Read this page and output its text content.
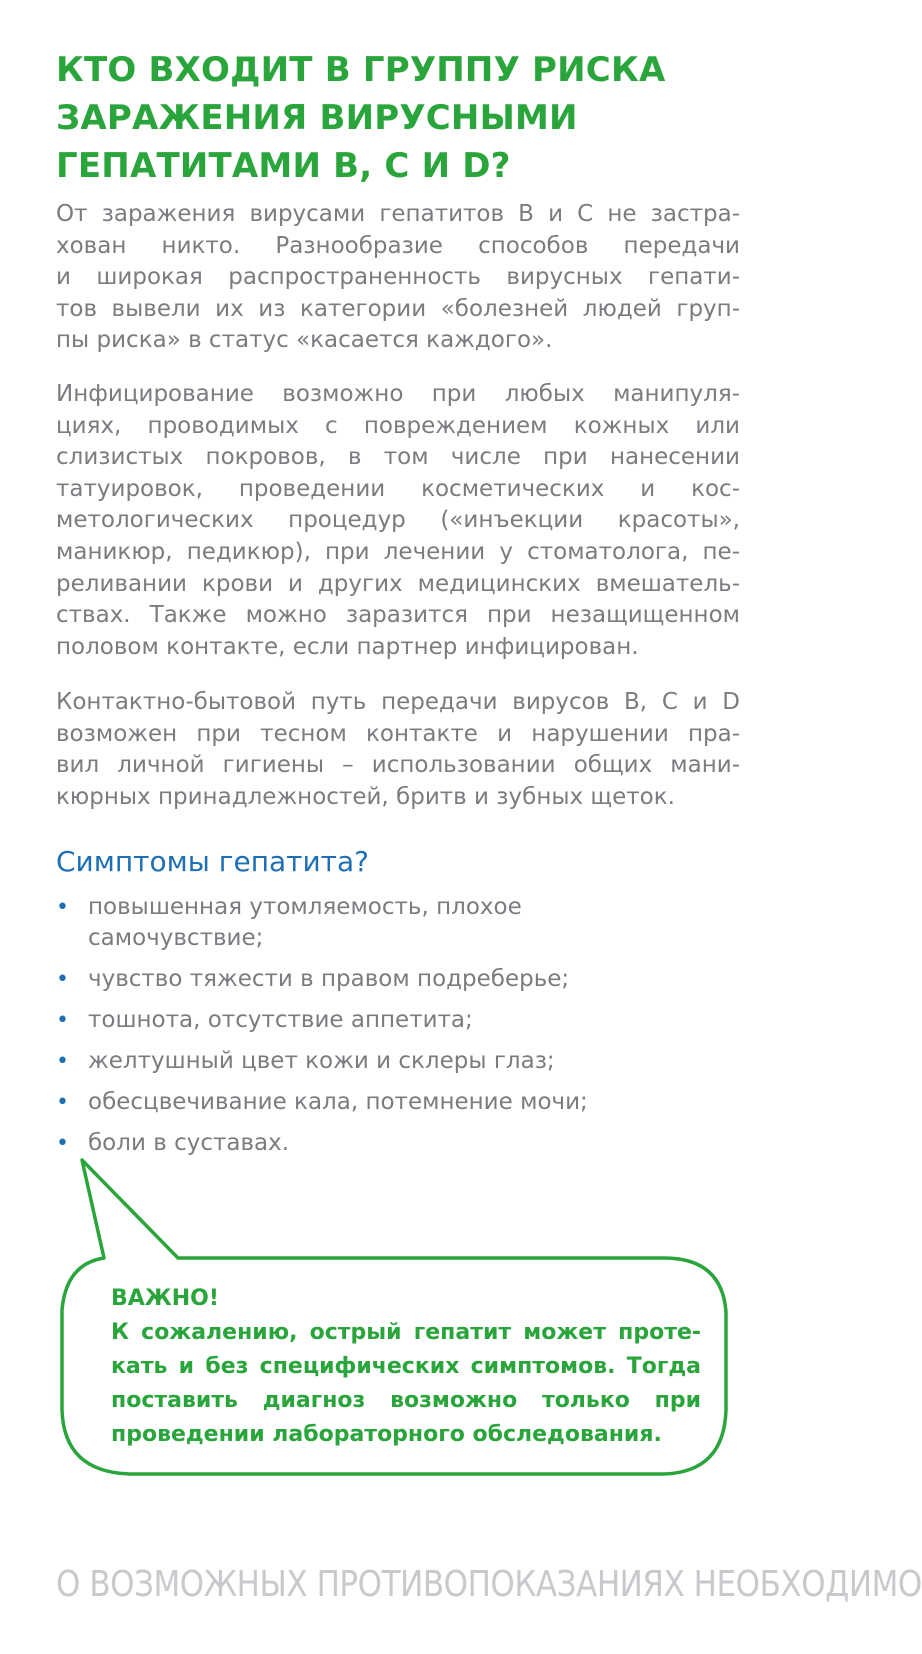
КТО ВХОДИТ В ГРУППУ РИСКА
ЗАРАЖЕНИЯ ВИРУСНЫМИ
ГЕПАТИТАМИ В, С И D?

От заражения вирусами гепатитов В и С не застра-
хован никто. Разнообразие способов передачи
и широкая распространенность вирусных гепати-
тов вывели их из категории «болезней людей груп-
пы риска» в статус «касается каждого».

Инфицирование возможно при любых манипуля-
циях, проводимых с повреждением кожных или
слизистых покровов, в том числе при нанесении
татуировок, проведении косметических и кос-
метологических процедур («инъекции красоты»,
маникюр, педикюр), при лечении у стоматолога, пе-
реливании крови и других медицинских вмешатель-
ствах. Также можно заразится при незащищенном
половом контакте, если партнер инфицирован.

Контактно-бытовой путь передачи вирусов В, С и D
возможен при тесном контакте и нарушении пра-
вил личной гигиены – использовании общих мани-
кюрных принадлежностей, бритв и зубных щеток.

Симптомы гепатита?
• повышенная утомляемость, плохое
самочувствие;
• чувство тяжести в правом подреберье;
• тошнота, отсутствие аппетита;
• желтушный цвет кожи и склеры глаз;
• обесцвечивание кала, потемнение мочи;
• боли в суставах.
ВАЖНО!
К сожалению, острый гепатит может проте-
кать и без специфических симптомов. Тогда
поставить диагноз возможно только при
проведении лабораторного обследования.
О ВОЗМОЖНЫХ ПРОТИВОПОКАЗАНИЯХ НЕОБХОДИМО
